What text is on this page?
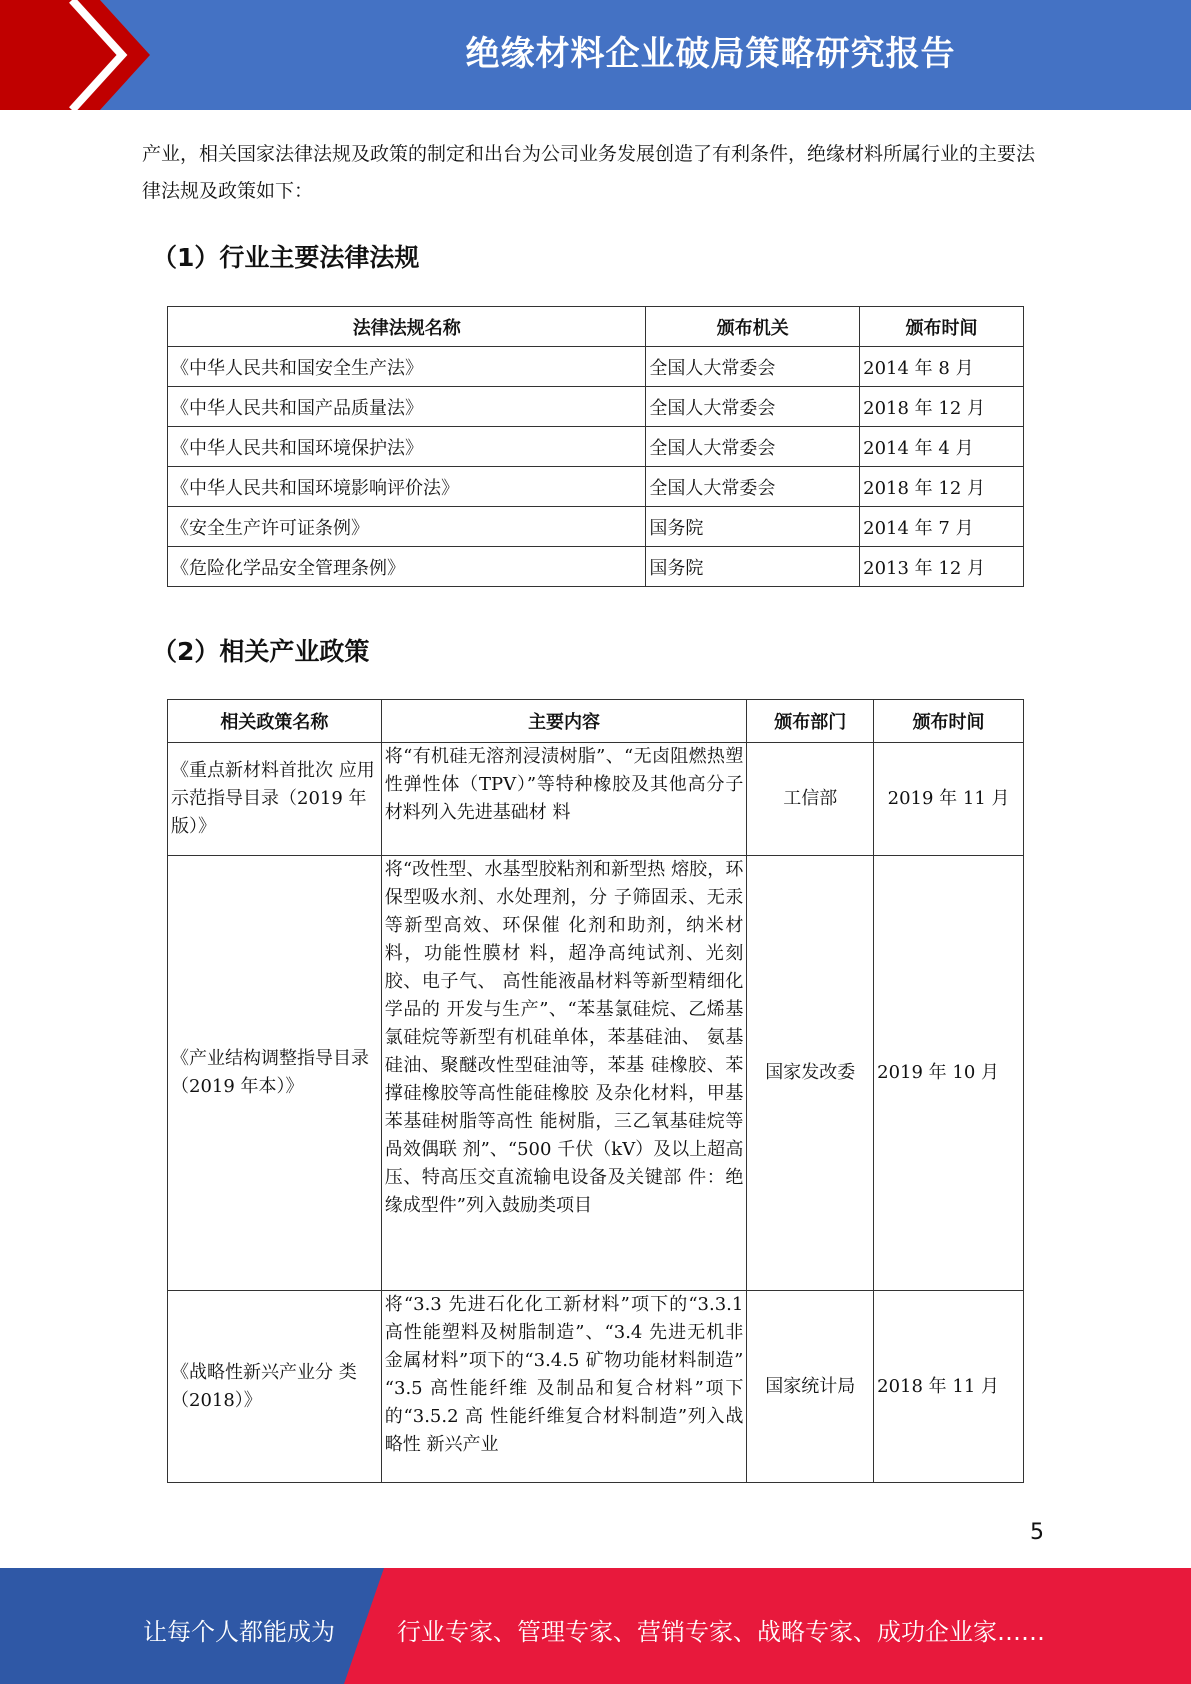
绝缘材料企业破局策略研究报告
产业，相关国家法律法规及政策的制定和出台为公司业务发展创造了有利条件，绝缘材料所属行业的主要法律法规及政策如下：
（1）行业主要法律法规
法律法规名称	颁布机关	颁布时间
《中华人民共和国安全生产法》	全国人大常委会	2014 年 8 月
《中华人民共和国产品质量法》	全国人大常委会	2018 年 12 月
《中华人民共和国环境保护法》	全国人大常委会	2014 年 4 月
《中华人民共和国环境影响评价法》	全国人大常委会	2018 年 12 月
《安全生产许可证条例》	国务院	2014 年 7 月
《危险化学品安全管理条例》	国务院	2013 年 12 月
（2）相关产业政策
相关政策名称	主要内容	颁布部门	颁布时间
《重点新材料首批次 应用示范指导目录（2019 年版）》	将“有机硅无溶剂浸渍树脂”、“无卤阻燃热塑性弹性体（TPV）”等特种橡胶及其他高分子材料列入先进基础材 料	工信部	2019 年 11 月
《产业结构调整指导目录（2019 年本）》	将“改性型、水基型胶粘剂和新型热 熔胶，环保型吸水剂、水处理剂，分 子筛固汞、无汞等新型高效、环保催 化剂和助剂，纳米材料，功能性膜材 料，超净高纯试剂、光刻胶、电子气、 高性能液晶材料等新型精细化学品的 开发与生产”、“苯基氯硅烷、乙烯基 氯硅烷等新型有机硅单体，苯基硅油、 氨基硅油、聚醚改性型硅油等，苯基 硅橡胶、苯撑硅橡胶等高性能硅橡胶 及杂化材料，甲基苯基硅树脂等高性 能树脂，三乙氧基硅烷等咼效偶联 剂”、“500 千伏（kV）及以上超高压、特高压交直流输电设备及关键部 件：绝缘成型件”列入鼓励类项目	国家发改委	2019 年 10 月
《战略性新兴产业分 类（2018）》	将“3.3 先进石化化工新材料”项下的“3.3.1 高性能塑料及树脂制造”、“3.4 先进无机非金属材料”项下的“3.4.5 矿物功能材料制造” “3.5 高性能纤维 及制品和复合材料”项下的“3.5.2 高 性能纤维复合材料制造”列入战略性 新兴产业	国家统计局	2018 年 11 月
5
让每个人都能成为	行业专家、管理专家、营销专家、战略专家、成功企业家……
